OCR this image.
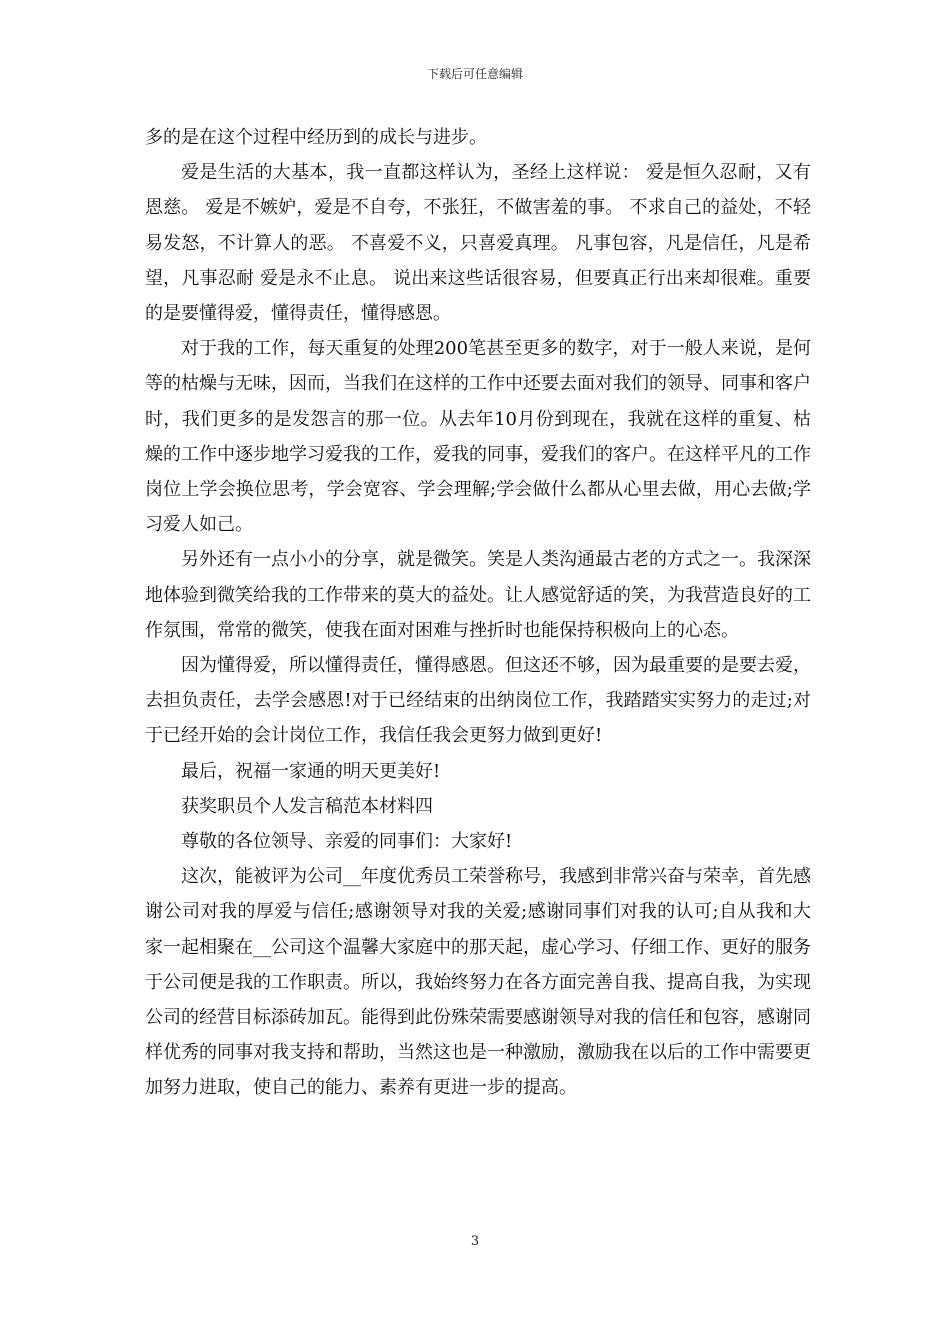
下载后可任意编辑

多的是在这个过程中经历到的成长与进步。

爱是生活的大基本，我一直都这样认为，圣经上这样说： 爱是恒久忍耐，又有恩慈。 爱是不嫉妒，爱是不自夸，不张狂，不做害羞的事。 不求自己的益处，不轻易发怒，不计算人的恶。 不喜爱不义，只喜爱真理。 凡事包容，凡是信任，凡是希望，凡事忍耐 爱是永不止息。 说出来这些话很容易，但要真正行出来却很难。重要的是要懂得爱，懂得责任，懂得感恩。

对于我的工作，每天重复的处理200笔甚至更多的数字，对于一般人来说，是何等的枯燥与无味，因而，当我们在这样的工作中还要去面对我们的领导、同事和客户时，我们更多的是发怨言的那一位。从去年10月份到现在，我就在这样的重复、枯燥的工作中逐步地学习爱我的工作，爱我的同事，爱我们的客户。在这样平凡的工作岗位上学会换位思考，学会宽容、学会理解;学会做什么都从心里去做，用心去做;学习爱人如己。

另外还有一点小小的分享，就是微笑。笑是人类沟通最古老的方式之一。我深深地体验到微笑给我的工作带来的莫大的益处。让人感觉舒适的笑，为我营造良好的工作氛围，常常的微笑，使我在面对困难与挫折时也能保持积极向上的心态。

因为懂得爱，所以懂得责任，懂得感恩。但这还不够，因为最重要的是要去爱，去担负责任，去学会感恩!对于已经结束的出纳岗位工作，我踏踏实实努力的走过;对于已经开始的会计岗位工作，我信任我会更努力做到更好!

最后，祝福一家通的明天更美好!

获奖职员个人发言稿范本材料四

尊敬的各位领导、亲爱的同事们：大家好!

这次，能被评为公司__年度优秀员工荣誉称号，我感到非常兴奋与荣幸，首先感谢公司对我的厚爱与信任;感谢领导对我的关爱;感谢同事们对我的认可;自从我和大家一起相聚在__公司这个温馨大家庭中的那天起，虚心学习、仔细工作、更好的服务于公司便是我的工作职责。所以，我始终努力在各方面完善自我、提高自我，为实现公司的经营目标添砖加瓦。能得到此份殊荣需要感谢领导对我的信任和包容，感谢同样优秀的同事对我支持和帮助，当然这也是一种激励，激励我在以后的工作中需要更加努力进取，使自己的能力、素养有更进一步的提高。

3
